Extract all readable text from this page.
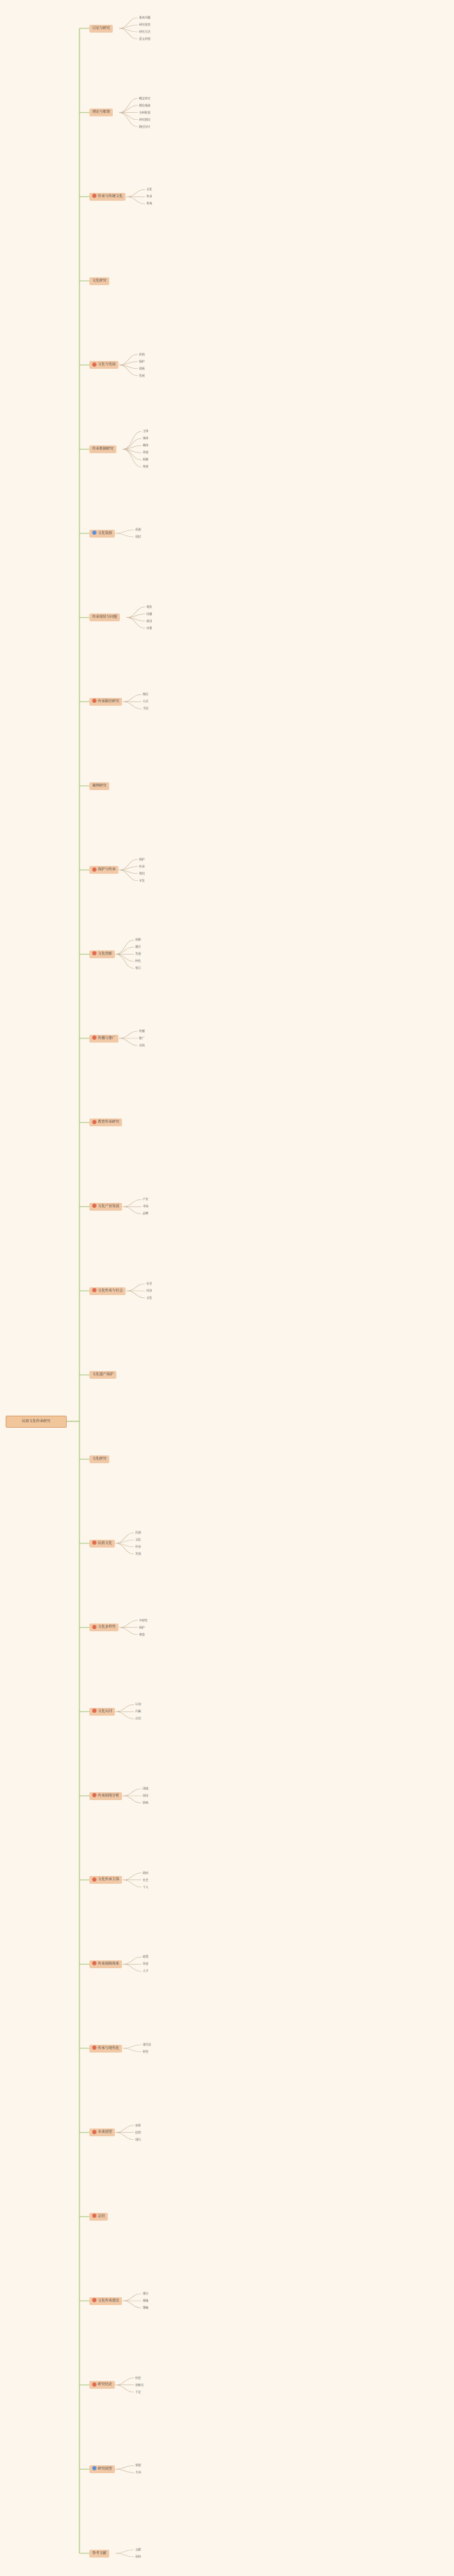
民族文化传承研究
引论与研究
基本问题
研究现状
研究方法
意义价值
理论与框架
概念界定
理论基础
分析框架
研究假设
路径设计
传承与传统文化
文化
传承
传统
文化研究
文化与发展
价值
保护
创新
发展
传承机制研究
主体
客体
载体
环境
机制
效果
文化资源
资源
现状
传承现状与问题
现状
问题
原因
对策
传承路径研究
路径
方式
手段
案例研究
保护与传承
保护
传承
利用
开发
文化创新
创新
融合
发展
转化
展示
传播与推广
传播
推广
交流
教育传承研究
文化产业发展
产业
市场
品牌
文化传承与社会
社会
经济
文化
文化遗产保护
文化研究
民族文化
民族
文化
传承
发展
文化多样性
多样性
保护
尊重
文化认同
认同
归属
自信
传承困境分析
困境
原因
影响
文化传承主体
政府
社会
个人
传承保障体系
政策
资金
人才
传承与现代化
现代化
转型
未来展望
前景
趋势
建议
总结
文化传承建议
建议
措施
策略
研究结论
结论
创新点
不足
研究展望
展望
方向
参考文献
文献
资料
